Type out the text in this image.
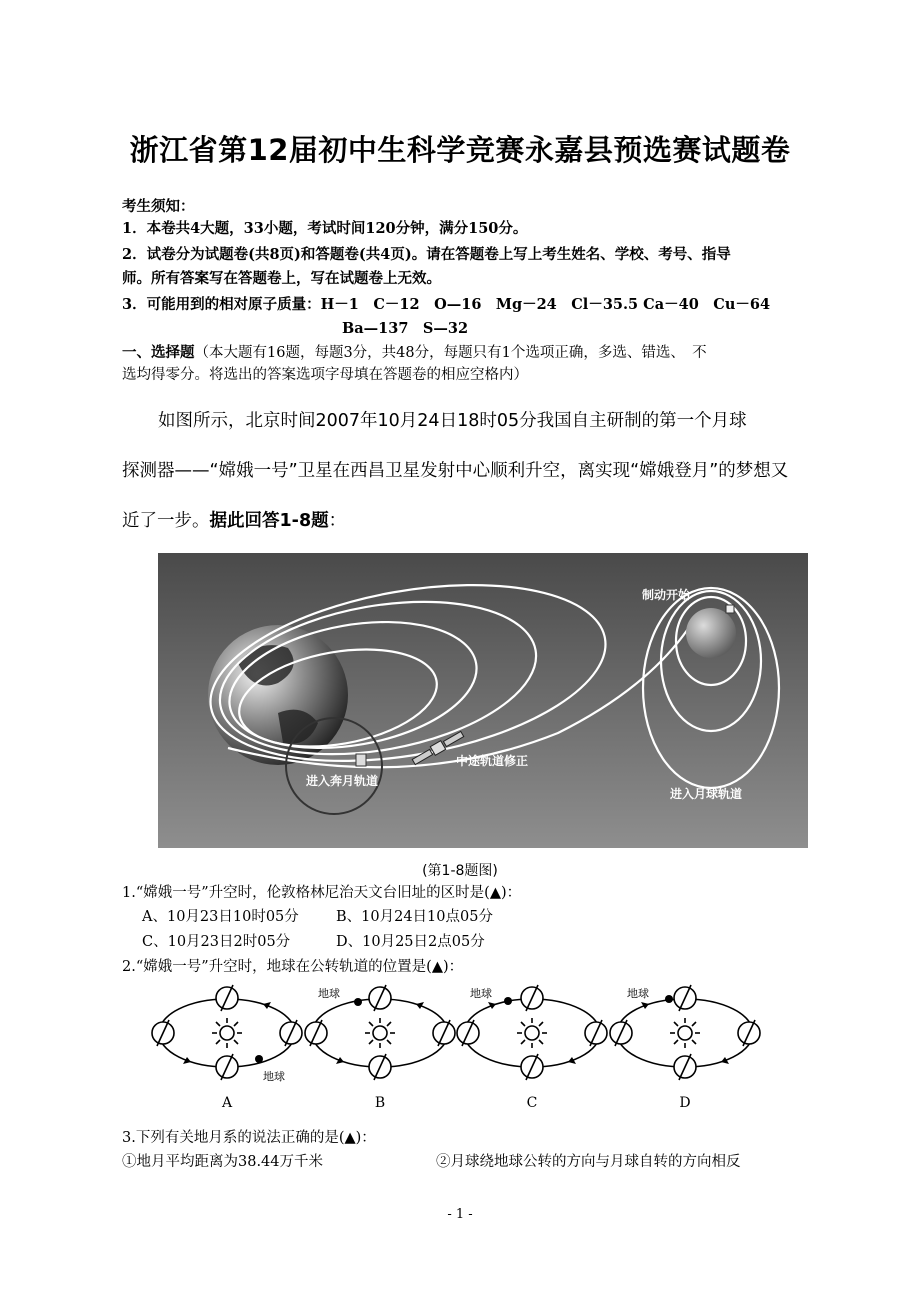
浙江省第12届初中生科学竞赛永嘉县预选赛试题卷
考生须知：
1．本卷共4大题，33小题，考试时间120分钟，满分150分。
2．试卷分为试题卷(共8页)和答题卷(共4页)。请在答题卷上写上考生姓名、学校、考号、指导
师。所有答案写在答题卷上，写在试题卷上无效。
3．可能用到的相对原子质量：H－1　C－12　O—16　Mg－24　Cl－35.5 Ca－40　Cu－64
Ba—137　S—32
一、选择题（本大题有16题，每题3分，共48分，每题只有1个选项正确，多选、错选、　不
选均得零分。将选出的答案选项字母填在答题卷的相应空格内）
如图所示，北京时间2007年10月24日18时05分我国自主研制的第一个月球
探测器——“嫦娥一号”卫星在西昌卫星发射中心顺利升空，离实现“嫦娥登月”的梦想又
近了一步。据此回答1-8题：
制动开始
中途轨道修正
进入奔月轨道
进入月球轨道
(第1-8题图)
1.“嫦娥一号”升空时，伦敦格林尼治天文台旧址的区时是(▲)：
A、10月23日10时05分	B、10月24日10点05分
C、10月23日2时05分	D、10月25日2点05分
2.“嫦娥一号”升空时，地球在公转轨道的位置是(▲)：
地球
A
地球
B
地球
C
地球
D
3.下列有关地月系的说法正确的是(▲)：
①地月平均距离为38.44万千米	②月球绕地球公转的方向与月球自转的方向相反
- 1 -
